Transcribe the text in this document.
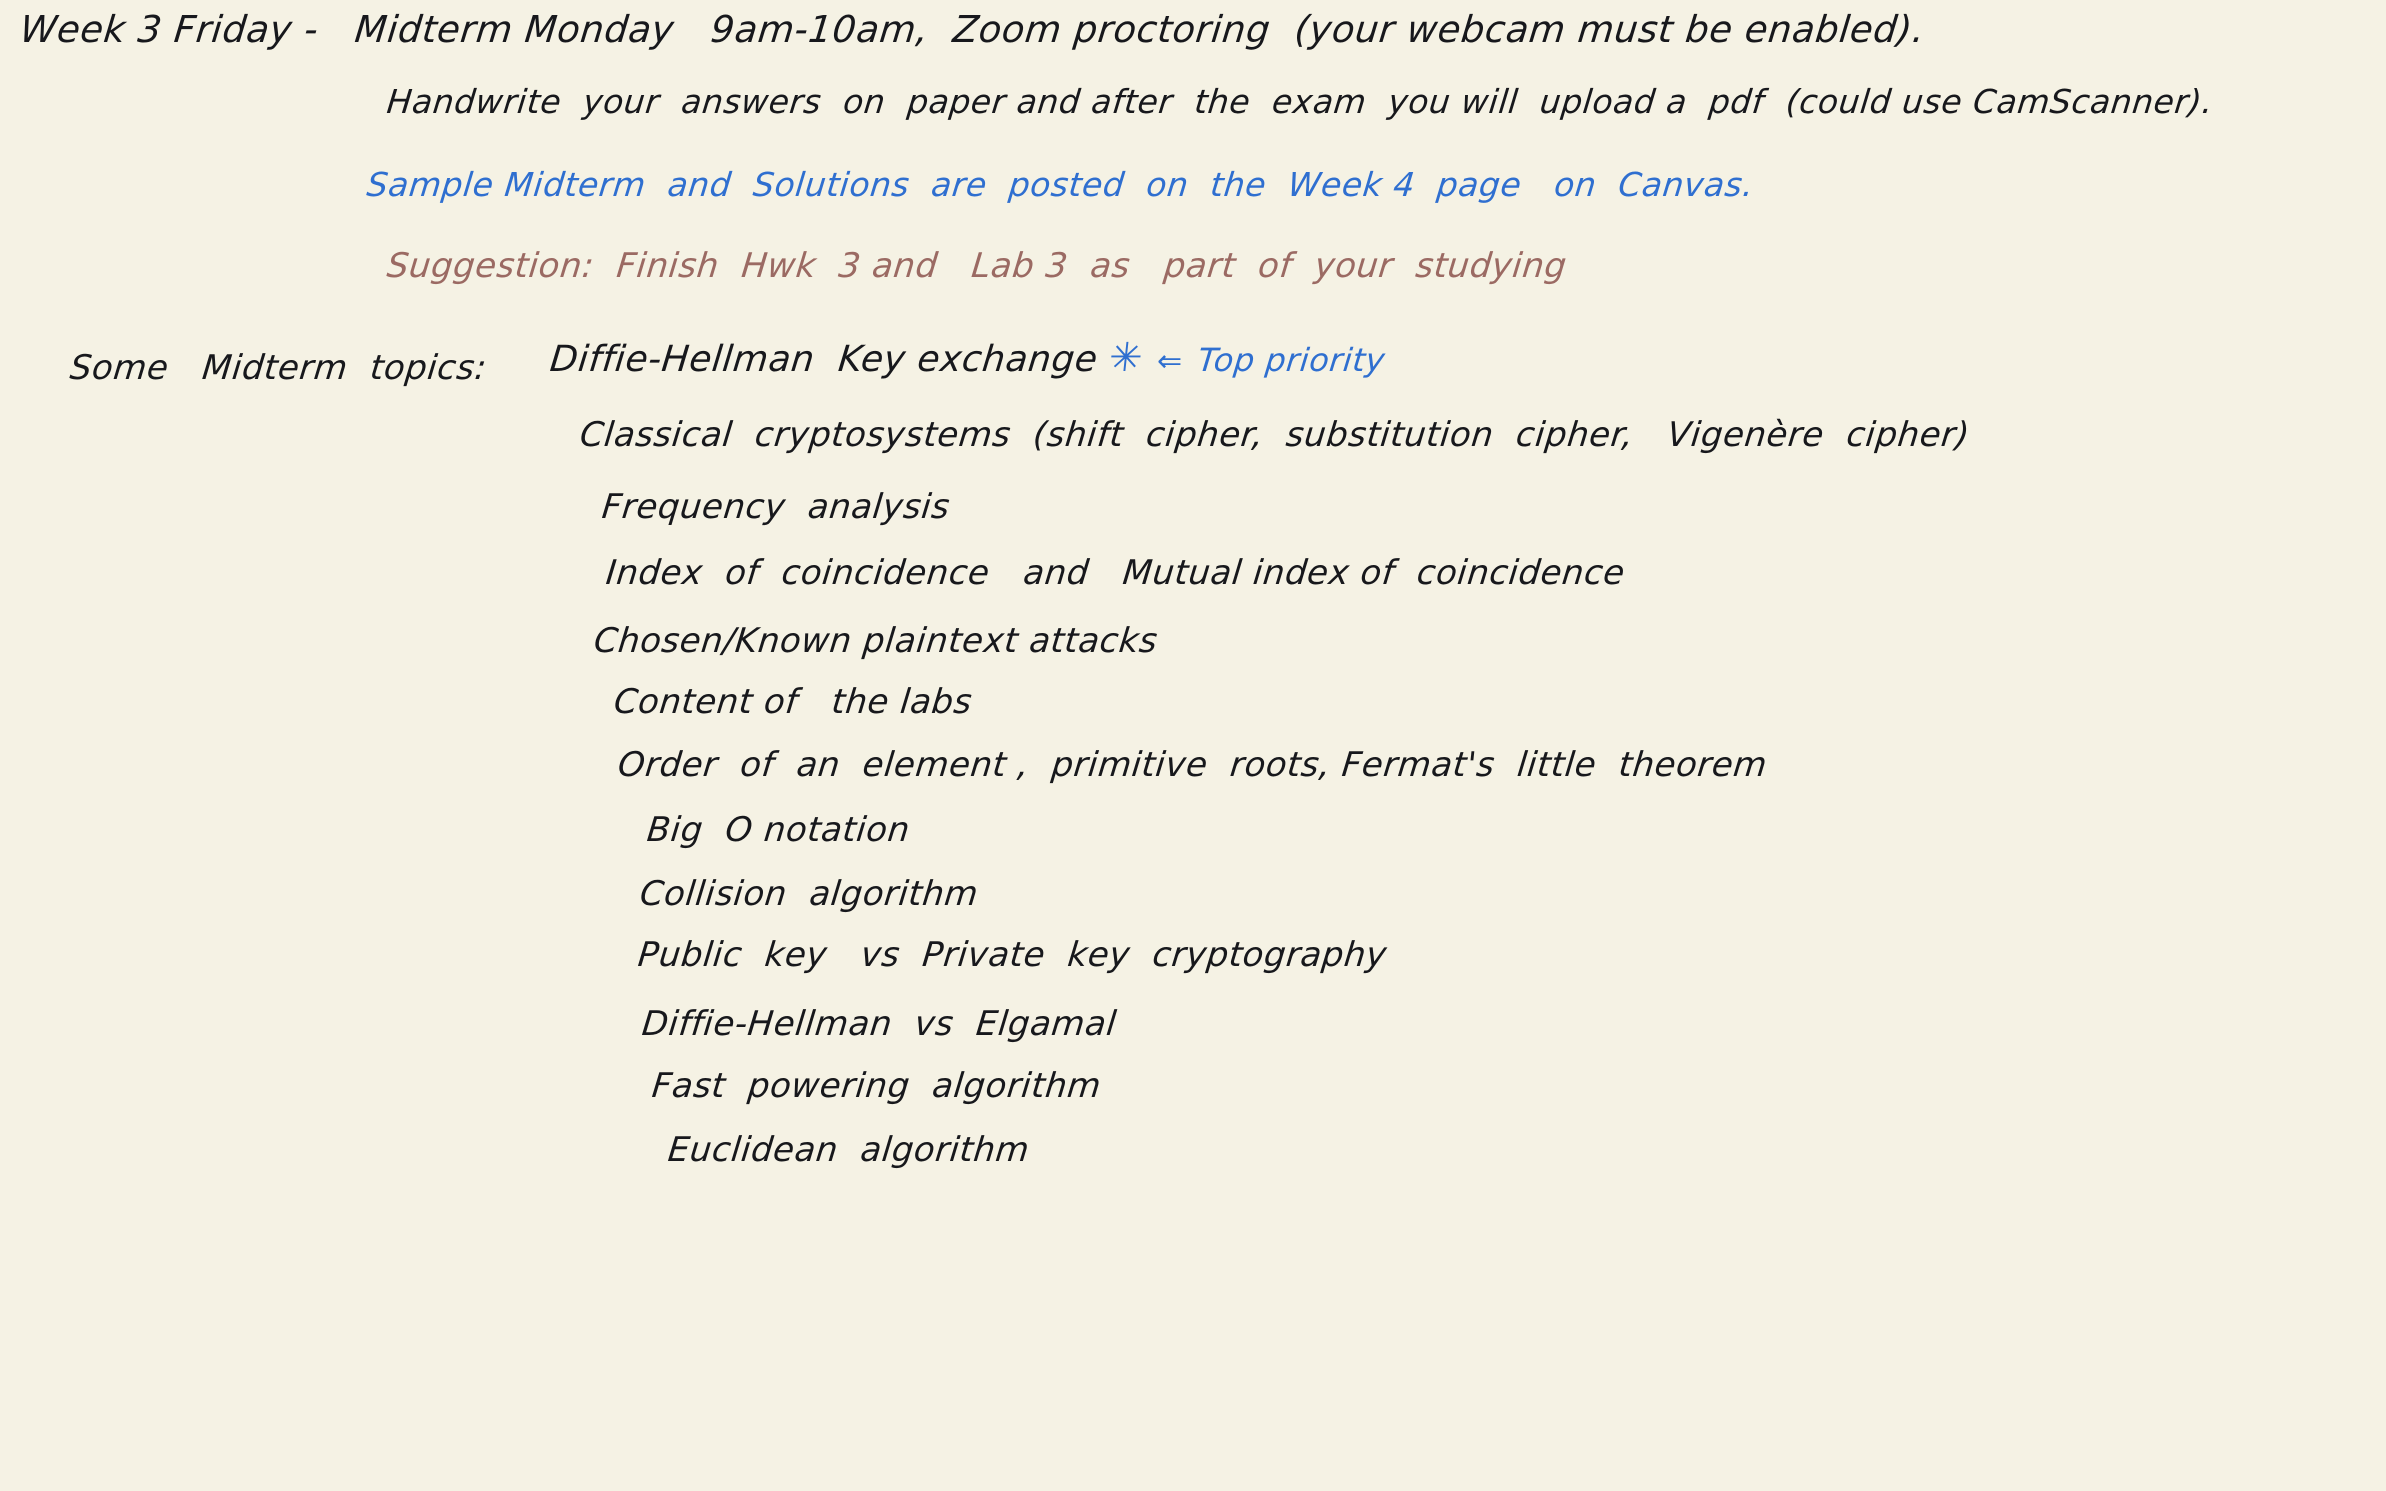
Week 3 Friday -   Midterm Monday   9am-10am,  Zoom proctoring  (your webcam must be enabled).
Handwrite  your  answers  on  paper and after  the  exam  you will  upload a  pdf  (could use CamScanner).
Sample Midterm  and  Solutions  are  posted  on  the  Week 4  page   on  Canvas.
Suggestion:  Finish  Hwk  3 and   Lab 3  as   part  of  your  studying
Some   Midterm  topics: Diffie-Hellman  Key exchange ✳ ⇐ Top priority
Classical  cryptosystems  (shift  cipher,  substitution  cipher,   Vigenère  cipher)
Frequency  analysis
Index  of  coincidence   and   Mutual index of  coincidence
Chosen/Known plaintext attacks
Content of   the labs
Order  of  an  element ,  primitive  roots, Fermat's  little  theorem
Big  O notation
Collision  algorithm
Public  key   vs  Private  key  cryptography
Diffie-Hellman  vs  Elgamal
Fast  powering  algorithm
Euclidean  algorithm
